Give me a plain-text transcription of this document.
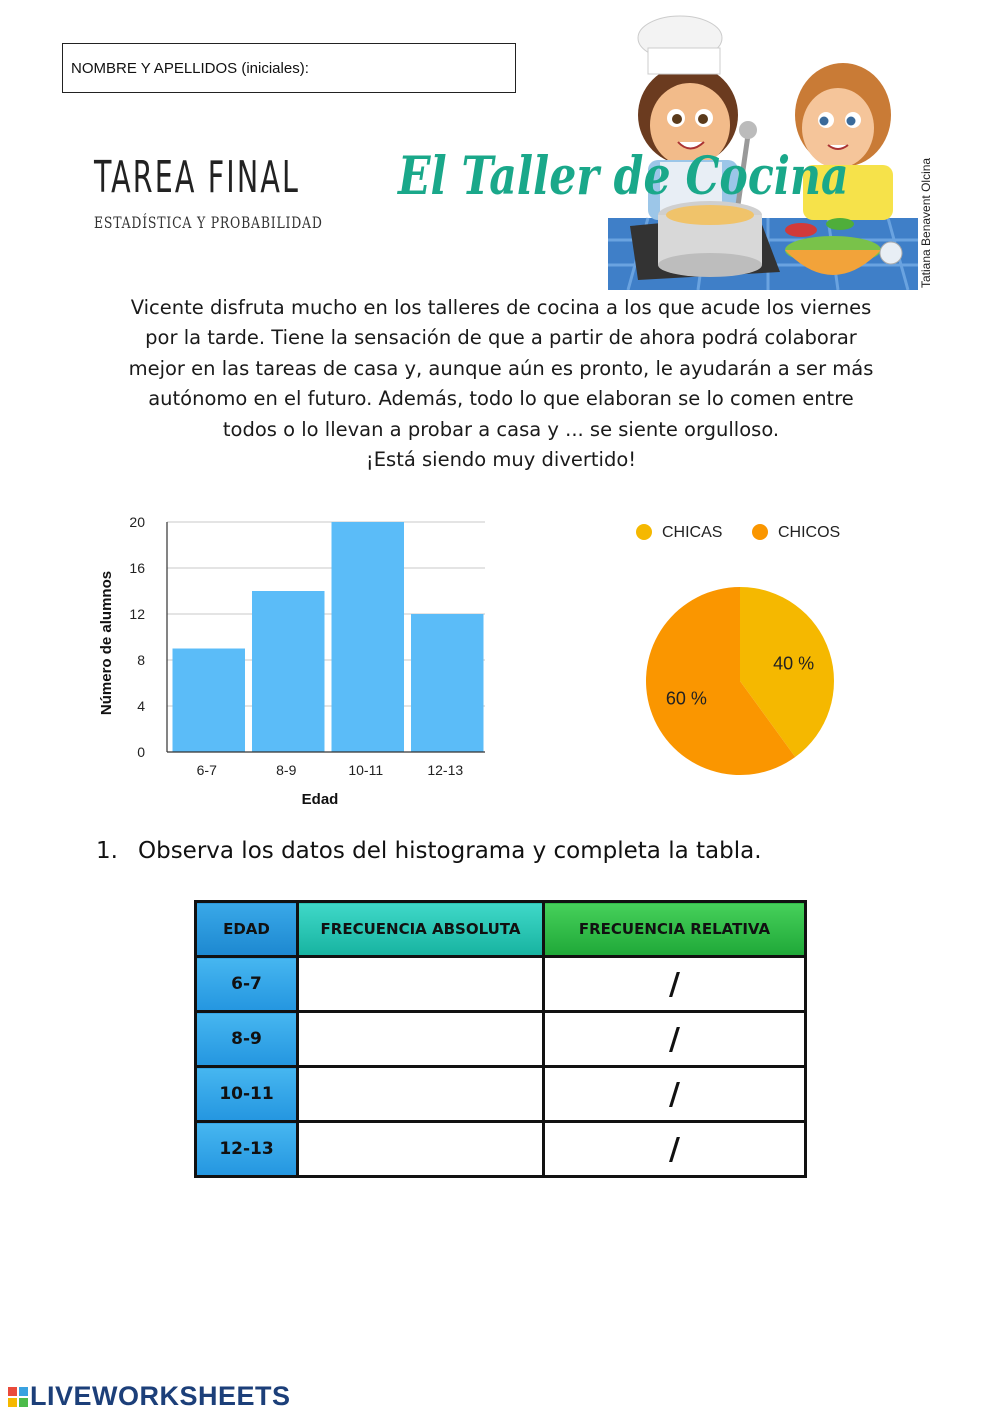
NOMBRE Y APELLIDOS (iniciales):
TAREA FINAL
ESTADÍSTICA Y PROBABILIDAD
El Taller de Cocina	Tatiana Benavent Olcina
Vicente disfruta mucho en los talleres de cocina a los que acude los viernes
por la tarde. Tiene la sensación de que a partir de ahora podrá colaborar
mejor en las tareas de casa y, aunque aún es pronto, le ayudarán a ser más
autónomo en el futuro. Además, todo lo que elaboran se lo comen entre
todos o lo llevan a probar a casa y ... se siente orgulloso.
¡Está siendo muy divertido!
0
4
8
12
16
20
6-7	8-9	10-11	12-13
Edad
Número de alumnos
CHICAS	CHICOS
40 %
60 %
1. Observa los datos del histograma y completa la tabla.
EDAD	FRECUENCIA ABSOLUTA	FRECUENCIA RELATIVA
6-7		/
8-9		/
10-11		/
12-13		/
LIVEWORKSHEETS
